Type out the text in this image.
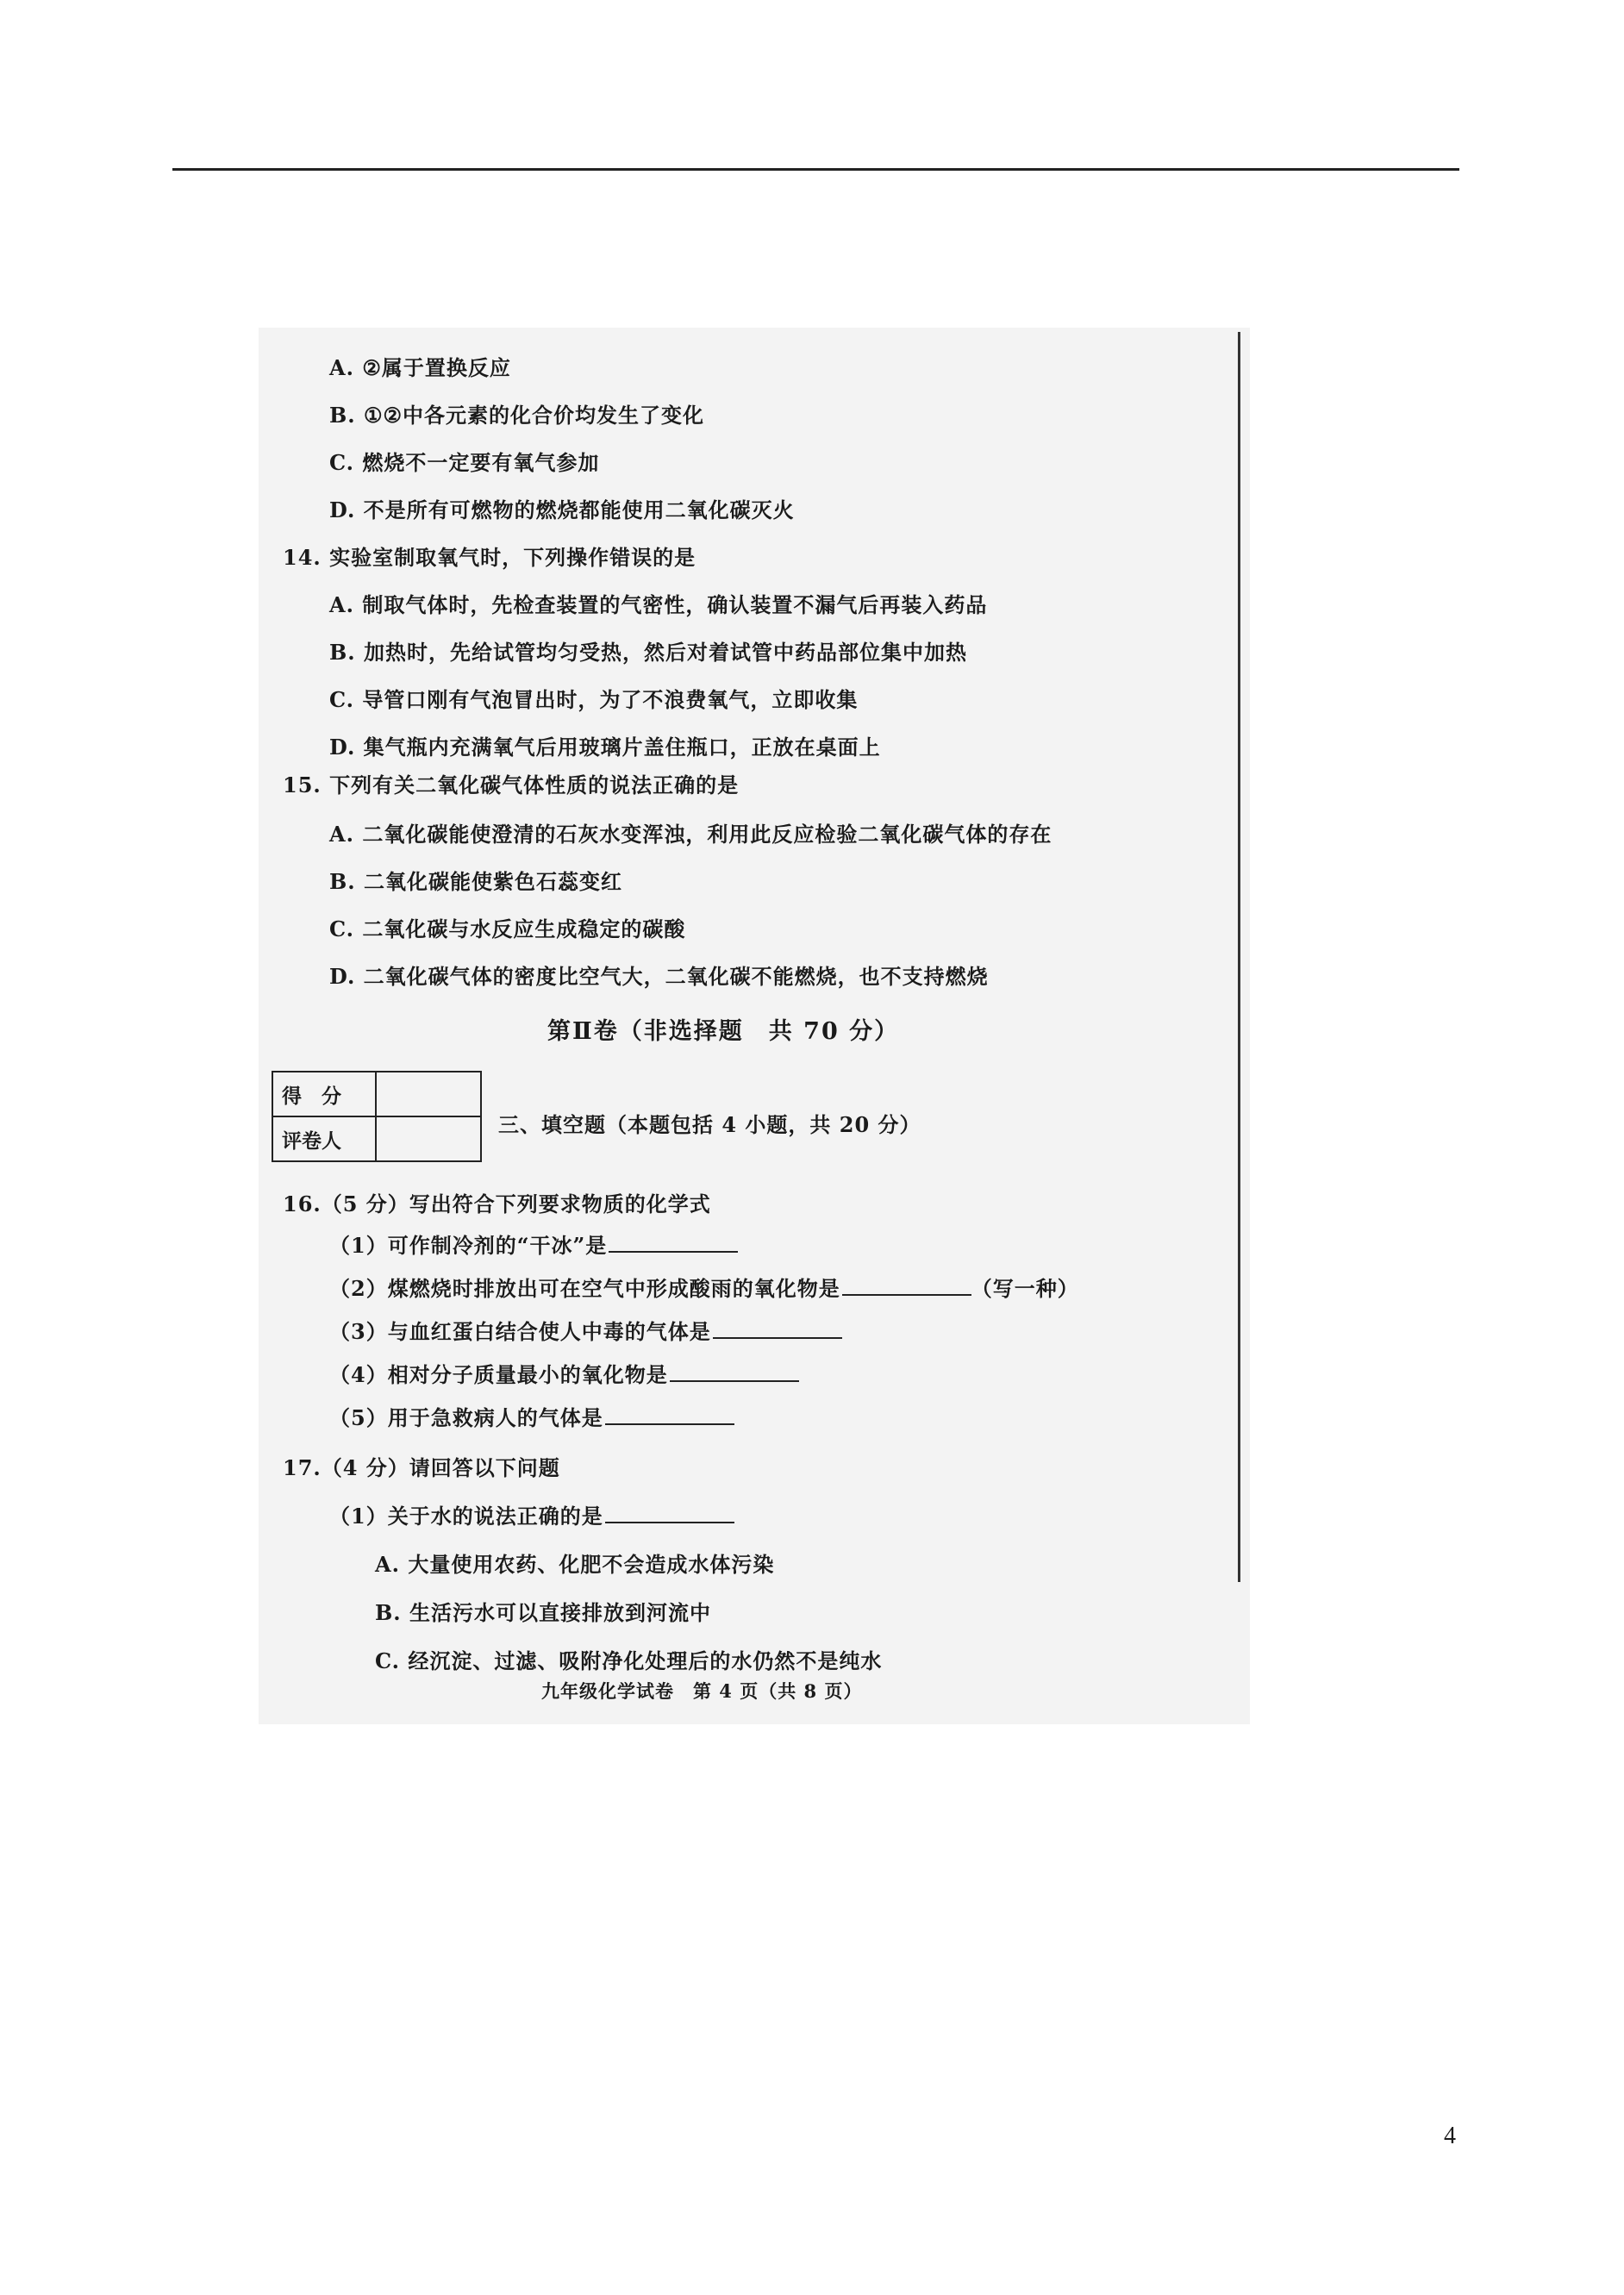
A. ②属于置换反应
B. ①②中各元素的化合价均发生了变化
C. 燃烧不一定要有氧气参加
D. 不是所有可燃物的燃烧都能使用二氧化碳灭火
14. 实验室制取氧气时，下列操作错误的是
A. 制取气体时，先检查装置的气密性，确认装置不漏气后再装入药品
B. 加热时，先给试管均匀受热，然后对着试管中药品部位集中加热
C. 导管口刚有气泡冒出时，为了不浪费氧气，立即收集
D. 集气瓶内充满氧气后用玻璃片盖住瓶口，正放在桌面上
15. 下列有关二氧化碳气体性质的说法正确的是
A. 二氧化碳能使澄清的石灰水变浑浊，利用此反应检验二氧化碳气体的存在
B. 二氧化碳能使紫色石蕊变红
C. 二氧化碳与水反应生成稳定的碳酸
D. 二氧化碳气体的密度比空气大，二氧化碳不能燃烧，也不支持燃烧
第Ⅱ卷（非选择题　共 70 分）
得　分	
评卷人	
三、填空题（本题包括 4 小题，共 20 分）
16.（5 分）写出符合下列要求物质的化学式
（1）可作制冷剂的“干冰”是
（2）煤燃烧时排放出可在空气中形成酸雨的氧化物是	（写一种）
（3）与血红蛋白结合使人中毒的气体是
（4）相对分子质量最小的氧化物是
（5）用于急救病人的气体是
17.（4 分）请回答以下问题
（1）关于水的说法正确的是
A. 大量使用农药、化肥不会造成水体污染
B. 生活污水可以直接排放到河流中
C. 经沉淀、过滤、吸附净化处理后的水仍然不是纯水
九年级化学试卷　第 4 页（共 8 页）
4
